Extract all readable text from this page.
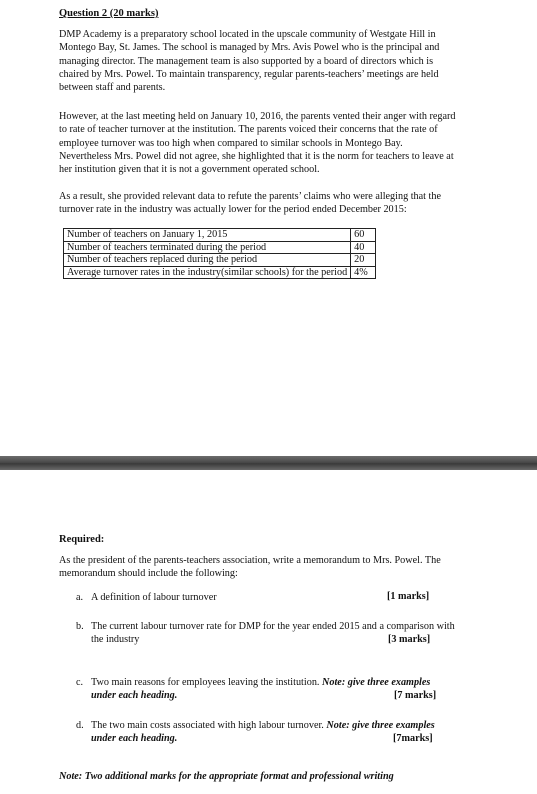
Question 2 (20 marks)
DMP Academy is a preparatory school located in the upscale community of Westgate Hill in
Montego Bay, St. James. The school is managed by Mrs. Avis Powel who is the principal and
managing director. The management team is also supported by a board of directors which is
chaired by Mrs. Powel. To maintain transparency, regular parents-teachers’ meetings are held
between staff and parents.
However, at the last meeting held on January 10, 2016, the parents vented their anger with regard
to rate of teacher turnover at the institution. The parents voiced their concerns that the rate of
employee turnover was too high when compared to similar schools in Montego Bay.
Nevertheless Mrs. Powel did not agree, she highlighted that it is the norm for teachers to leave at
her institution given that it is not a government operated school.
As a result, she provided relevant data to refute the parents’ claims who were alleging that the
turnover rate in the industry was actually lower for the period ended December 2015:
Number of teachers on January 1, 2015	60
Number of teachers terminated during the period	40
Number of teachers replaced during the period	20
Average turnover rates in the industry(similar schools) for the period	4%
Required:
As the president of the parents-teachers association, write a memorandum to Mrs. Powel. The
memorandum should include the following:
a. A definition of labour turnover	[1 marks]
b. The current labour turnover rate for DMP for the year ended 2015 and a comparison with
the industry	[3 marks]
c. Two main reasons for employees leaving the institution. Note: give three examples
under each heading.	[7 marks]
d. The two main costs associated with high labour turnover. Note: give three examples
under each heading.	[7marks]
Note: Two additional marks for the appropriate format and professional writing
